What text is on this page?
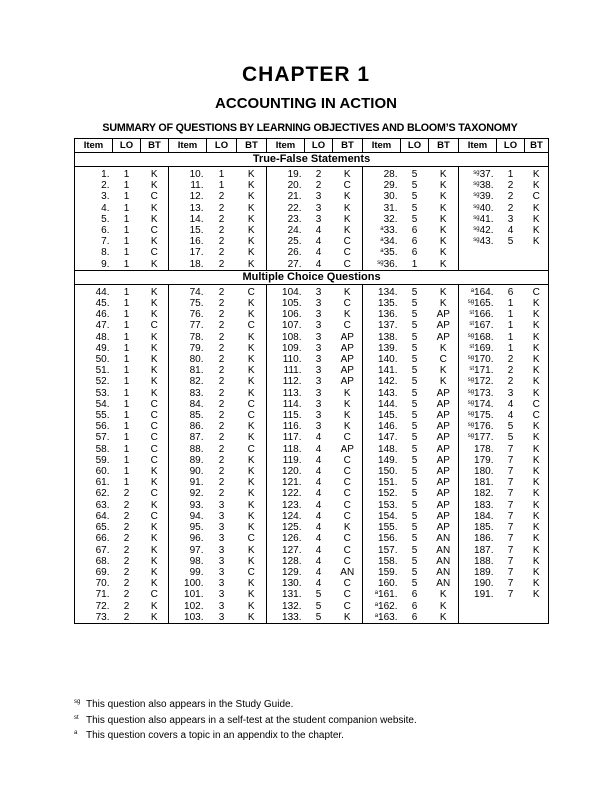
CHAPTER 1
ACCOUNTING IN ACTION
SUMMARY OF QUESTIONS BY LEARNING OBJECTIVES AND BLOOM’S TAXONOMY
Item	LO	BT	Item	LO	BT	Item	LO	BT	Item	LO	BT	Item	LO	BT
True-False Statements														
1.	1	K	10.	1	K	19.	2	K	28.	5	K	$^{sg}$37.	1	K
2.	1	K	11.	1	K	20.	2	C	29.	5	K	$^{sg}$38.	2	K
3.	1	C	12.	2	K	21.	3	K	30.	5	K	$^{sg}$39.	2	C
4.	1	K	13.	2	K	22.	3	K	31.	5	K	$^{sg}$40.	2	K
5.	1	K	14.	2	K	23.	3	K	32.	5	K	$^{sg}$41.	3	K
6.	1	C	15.	2	K	24.	4	K	$^a$33.	6	K	$^{sg}$42.	4	K
7.	1	K	16.	2	K	25.	4	C	$^a$34.	6	K	$^{sg}$43.	5	K
8.	1	C	17.	2	K	26.	4	C	$^a$35.	6	K			
9.	1	K	18.	2	K	27.	4	C	$^{sg}$36.	1	K			
Multiple Choice Questions														
44.	1	K	74.	2	C	104.	3	K	134.	5	K	$^a$164.	6	C
45.	1	K	75.	2	K	105.	3	C	135.	5	K	$^{sg}$165.	1	K
46.	1	K	76.	2	K	106.	3	K	136.	5	AP	$^{st}$166.	1	K
47.	1	C	77.	2	C	107.	3	C	137.	5	AP	$^{st}$167.	1	K
48.	1	K	78.	2	K	108.	3	AP	138.	5	AP	$^{sg}$168.	1	K
49.	1	K	79.	2	K	109.	3	AP	139.	5	K	$^{st}$169.	1	K
50.	1	K	80.	2	K	110.	3	AP	140.	5	C	$^{sg}$170.	2	K
51.	1	K	81.	2	K	111.	3	AP	141.	5	K	$^{st}$171.	2	K
52.	1	K	82.	2	K	112.	3	AP	142.	5	K	$^{sg}$172.	2	K
53.	1	K	83.	2	K	113.	3	K	143.	5	AP	$^{sg}$173.	3	K
54.	1	C	84.	2	C	114.	3	K	144.	5	AP	$^{sg}$174.	4	C
55.	1	C	85.	2	C	115.	3	K	145.	5	AP	$^{sg}$175.	4	C
56.	1	C	86.	2	K	116.	3	K	146.	5	AP	$^{sg}$176.	5	K
57.	1	C	87.	2	K	117.	4	C	147.	5	AP	$^{sg}$177.	5	K
58.	1	C	88.	2	C	118.	4	AP	148.	5	AP	178.	7	K
59.	1	C	89.	2	K	119.	4	C	149.	5	AP	179.	7	K
60.	1	K	90.	2	K	120.	4	C	150.	5	AP	180.	7	K
61.	1	K	91.	2	K	121.	4	C	151.	5	AP	181.	7	K
62.	2	C	92.	2	K	122.	4	C	152.	5	AP	182.	7	K
63.	2	K	93.	3	K	123.	4	C	153.	5	AP	183.	7	K
64.	2	C	94.	3	K	124.	4	C	154.	5	AP	184.	7	K
65.	2	K	95.	3	K	125.	4	K	155.	5	AP	185.	7	K
66.	2	K	96.	3	C	126.	4	C	156.	5	AN	186.	7	K
67.	2	K	97.	3	K	127.	4	C	157.	5	AN	187.	7	K
68.	2	K	98.	3	K	128.	4	C	158.	5	AN	188.	7	K
69.	2	K	99.	3	C	129.	4	AN	159.	5	AN	189.	7	K
70.	2	K	100.	3	K	130.	4	C	160.	5	AN	190.	7	K
71.	2	C	101.	3	K	131.	5	C	$^a$161.	6	K	191.	7	K
72.	2	K	102.	3	K	132.	5	C	$^a$162.	6	K			
73.	2	K	103.	3	K	133.	5	K	$^a$163.	6	K			
sg This question also appears in the Study Guide.
st This question also appears in a self-test at the student companion website.
a This question covers a topic in an appendix to the chapter.
